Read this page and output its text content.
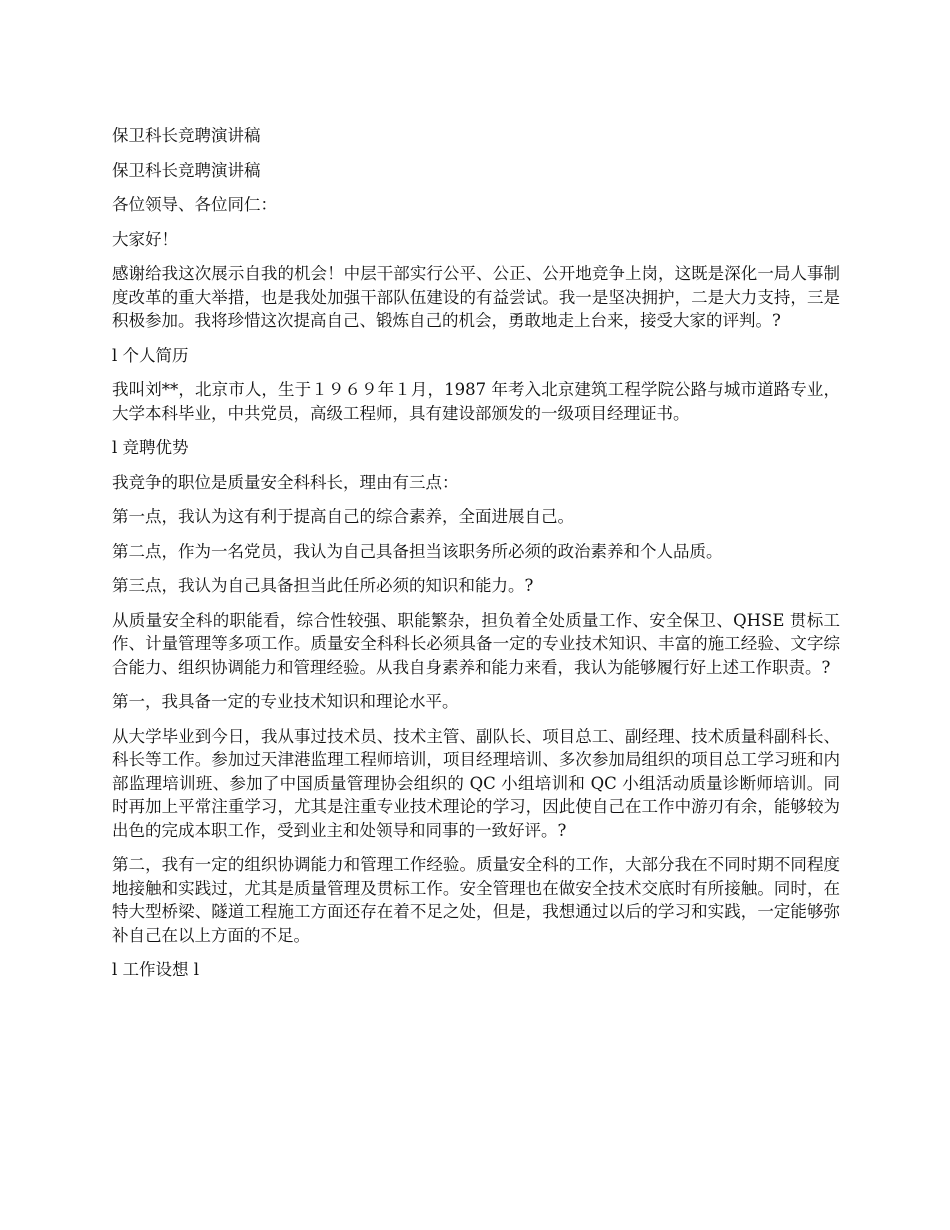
保卫科长竞聘演讲稿

保卫科长竞聘演讲稿

各位领导、各位同仁：

大家好！

感谢给我这次展示自我的机会！中层干部实行公平、公正、公开地竞争上岗，这既是深化一局人事制度改革的重大举措，也是我处加强干部队伍建设的有益尝试。我一是坚决拥护，二是大力支持，三是积极参加。我将珍惜这次提高自己、锻炼自己的机会，勇敢地走上台来，接受大家的评判。?

l 个人简历

我叫刘**，北京市人，生于１９６９年１月，1987 年考入北京建筑工程学院公路与城市道路专业，大学本科毕业，中共党员，高级工程师，具有建设部颁发的一级项目经理证书。

l 竞聘优势

我竞争的职位是质量安全科科长，理由有三点：

第一点，我认为这有利于提高自己的综合素养，全面进展自己。

第二点，作为一名党员，我认为自己具备担当该职务所必须的政治素养和个人品质。

第三点，我认为自己具备担当此任所必须的知识和能力。?

从质量安全科的职能看，综合性较强、职能繁杂，担负着全处质量工作、安全保卫、QHSE 贯标工作、计量管理等多项工作。质量安全科科长必须具备一定的专业技术知识、丰富的施工经验、文字综合能力、组织协调能力和管理经验。从我自身素养和能力来看，我认为能够履行好上述工作职责。?

第一，我具备一定的专业技术知识和理论水平。

从大学毕业到今日，我从事过技术员、技术主管、副队长、项目总工、副经理、技术质量科副科长、科长等工作。参加过天津港监理工程师培训，项目经理培训、多次参加局组织的项目总工学习班和内部监理培训班、参加了中国质量管理协会组织的 QC 小组培训和 QC 小组活动质量诊断师培训。同时再加上平常注重学习，尤其是注重专业技术理论的学习，因此使自己在工作中游刃有余，能够较为出色的完成本职工作，受到业主和处领导和同事的一致好评。?

第二，我有一定的组织协调能力和管理工作经验。质量安全科的工作，大部分我在不同时期不同程度地接触和实践过，尤其是质量管理及贯标工作。安全管理也在做安全技术交底时有所接触。同时，在特大型桥梁、隧道工程施工方面还存在着不足之处，但是，我想通过以后的学习和实践，一定能够弥补自己在以上方面的不足。

l 工作设想 l
